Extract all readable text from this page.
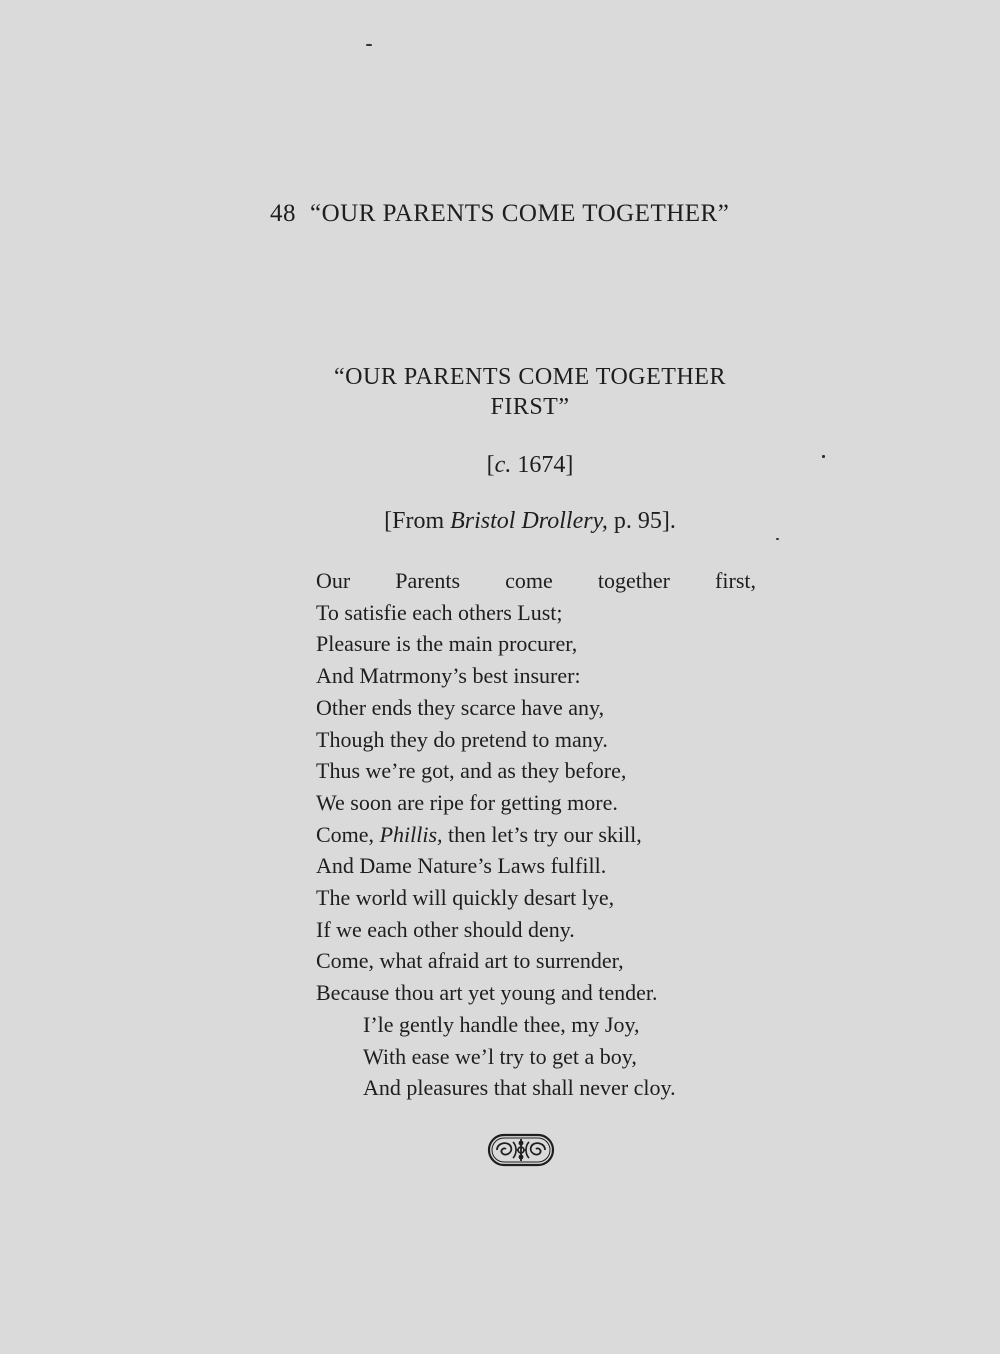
48 “OUR PARENTS COME TOGETHER”
“OUR PARENTS COME TOGETHER
FIRST”
[c. 1674]
[From Bristol Drollery, p. 95].
Our Parents come together first,
To satisfie each others Lust;
Pleasure is the main procurer,
And Matrmony’s best insurer:
Other ends they scarce have any,
Though they do pretend to many.
Thus we’re got, and as they before,
We soon are ripe for getting more.
Come, Phillis, then let’s try our skill,
And Dame Nature’s Laws fulfill.
The world will quickly desart lye,
If we each other should deny.
Come, what afraid art to surrender,
Because thou art yet young and tender.
I’le gently handle thee, my Joy,
With ease we’l try to get a boy,
And pleasures that shall never cloy.
